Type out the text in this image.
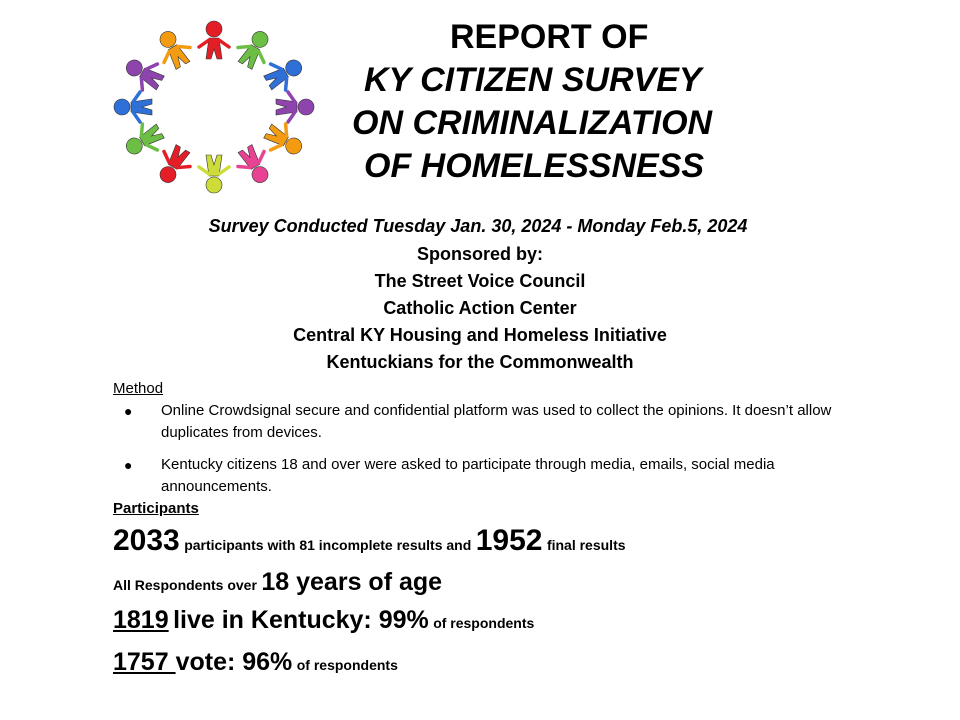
REPORT OF
KY CITIZEN SURVEY
ON CRIMINALIZATION
OF HOMELESSNESS
Survey Conducted Tuesday Jan. 30, 2024 - Monday Feb.5, 2024
Sponsored by:
The Street Voice Council
Catholic Action Center
Central KY Housing and Homeless Initiative
Kentuckians for the Commonwealth
Method
● Online Crowdsignal secure and confidential platform was used to collect the opinions. It doesn’t allow duplicates from devices.
● Kentucky citizens 18 and over were asked to participate through media, emails, social media announcements.
Participants
2033 participants with 81 incomplete results and 1952 final results
All Respondents over 18 years of age
1819 live in Kentucky: 99% of respondents
1757 vote: 96% of respondents
